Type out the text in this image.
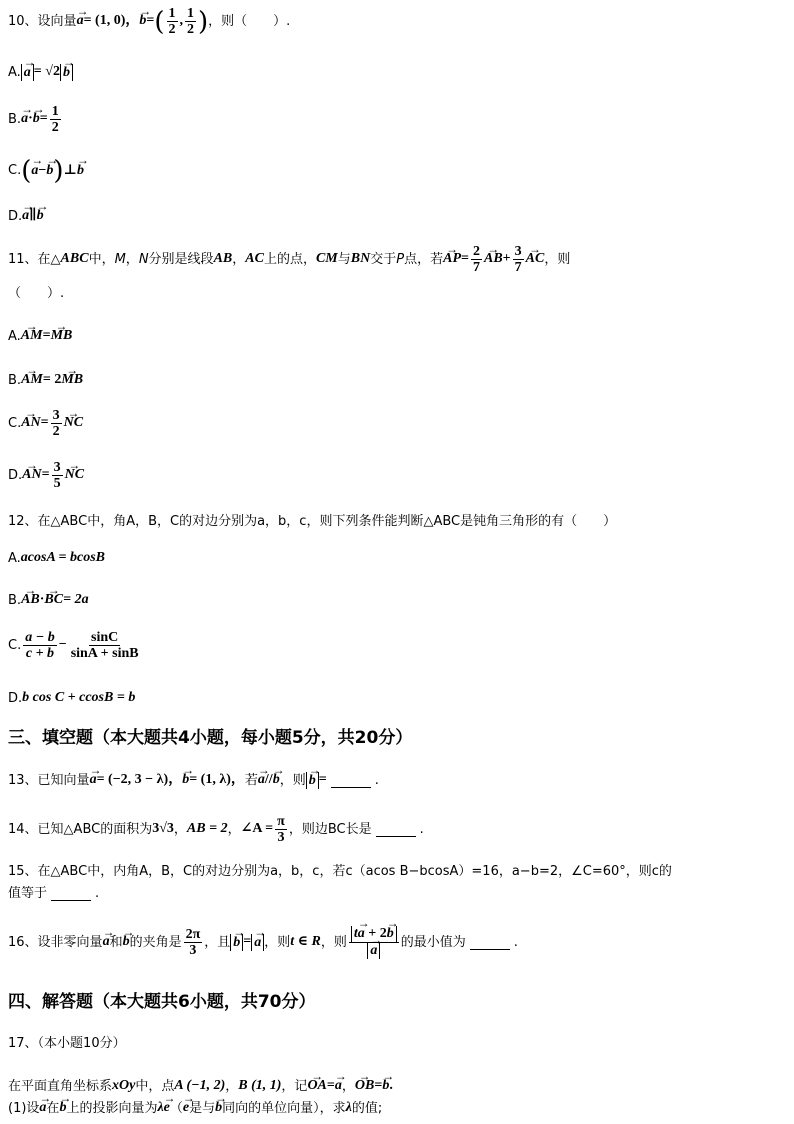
10、 设向量 → a = (1, 0)， → b = ( $\frac{1}{2}$ , $\frac{1}{2}$ ) ，则（　　）.
A. → a = √2 → b
B. → a · → $b = \frac{1}{2}$
C. ( → a − → b ) ⊥ → b
D. → a ∥ → b
11、 在△ ABC 中， M ， N 分别是线段 AB ， AC 上的点， CM 与 BN 交于 P 点，若 → AP = $\frac{2}{7}$ → AB + $\frac{3}{7}$ → AC ，则
（　　）.
A. → AM = → MB
B. → AM = 2 → MB
C. → AN = $\frac{3}{2}$ → NC
D. → AN = $\frac{3}{5}$ → NC
12、在△ABC中，角A，B，C的对边分别为a，b，c，则下列条件能判断△ABC是钝角三角形的有（　　）
A. acosA = bcosB
B. → AB · → BC = 2a
C. $\frac{a - b}{c + b} - \frac{\sin C}{\sin A + \sin B}$
D. b cos C + ccosB = b
三、填空题（本大题共4小题，每小题5分，共20分）
13、 已知向量 → a = (−2, 3 − λ)， → b = (1, λ)， 若 → a // → b ，则 → b =	.
14、 已知△ABC的面积为 3√3 ， AB = 2 ， ∠A = $\frac{\pi}{3}$ ，则边BC长是	.
15、在△ABC中，内角A，B，C的对边分别为a，b，c，若c（acos B−bcosA）=16，a−b=2，∠C=60°，则c的
值等于	.
16、 设非零向量 → a 和 → b 的夹角是 $\frac{2\pi}{3}$ ，且 → b = → a ，则 t ∈ R ，则 t→ a + 2→ b
→ a 的最小值为	.
四、解答题（本大题共6小题，共70分）
17、（本小题10分）
在平面直角坐标系 xOy 中，点 A (−1, 2) ， B (1, 1) ，记 → OA = → a ， → OB = → b .
(1)设 → a 在 → b 上的投影向量为 λ → e （ → e 是与 → b 同向的单位向量），求 λ 的值;
